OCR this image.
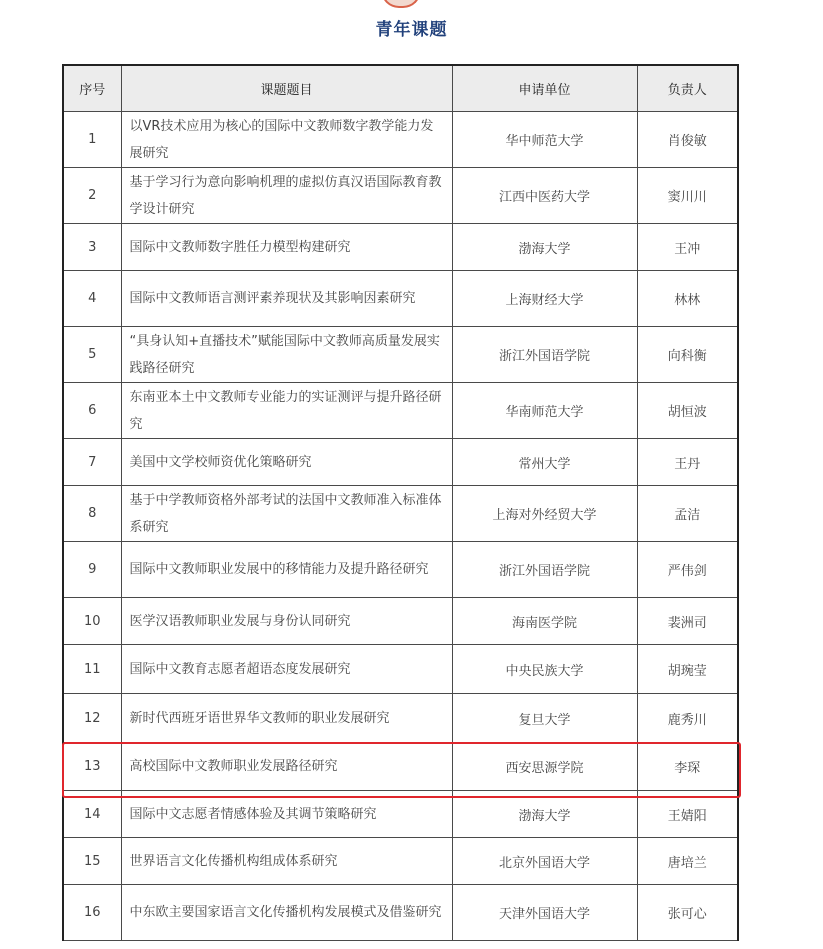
青年课题
序号	课题题目	申请单位	负责人
1	以VR技术应用为核心的国际中文教师数字教学能力发展研究	华中师范大学	肖俊敏
2	基于学习行为意向影响机理的虚拟仿真汉语国际教育教学设计研究	江西中医药大学	窦川川
3	国际中文教师数字胜任力模型构建研究	渤海大学	王冲
4	国际中文教师语言测评素养现状及其影响因素研究	上海财经大学	林林
5	“具身认知+直播技术”赋能国际中文教师高质量发展实践路径研究	浙江外国语学院	向科衡
6	东南亚本土中文教师专业能力的实证测评与提升路径研究	华南师范大学	胡恒波
7	美国中文学校师资优化策略研究	常州大学	王丹
8	基于中学教师资格外部考试的法国中文教师准入标准体系研究	上海对外经贸大学	孟洁
9	国际中文教师职业发展中的移情能力及提升路径研究	浙江外国语学院	严伟剑
10	医学汉语教师职业发展与身份认同研究	海南医学院	裴洲司
11	国际中文教育志愿者超语态度发展研究	中央民族大学	胡琬莹
12	新时代西班牙语世界华文教师的职业发展研究	复旦大学	鹿秀川
13	高校国际中文教师职业发展路径研究	西安思源学院	李琛
14	国际中文志愿者情感体验及其调节策略研究	渤海大学	王婧阳
15	世界语言文化传播机构组成体系研究	北京外国语大学	唐培兰
16	中东欧主要国家语言文化传播机构发展模式及借鉴研究	天津外国语大学	张可心
